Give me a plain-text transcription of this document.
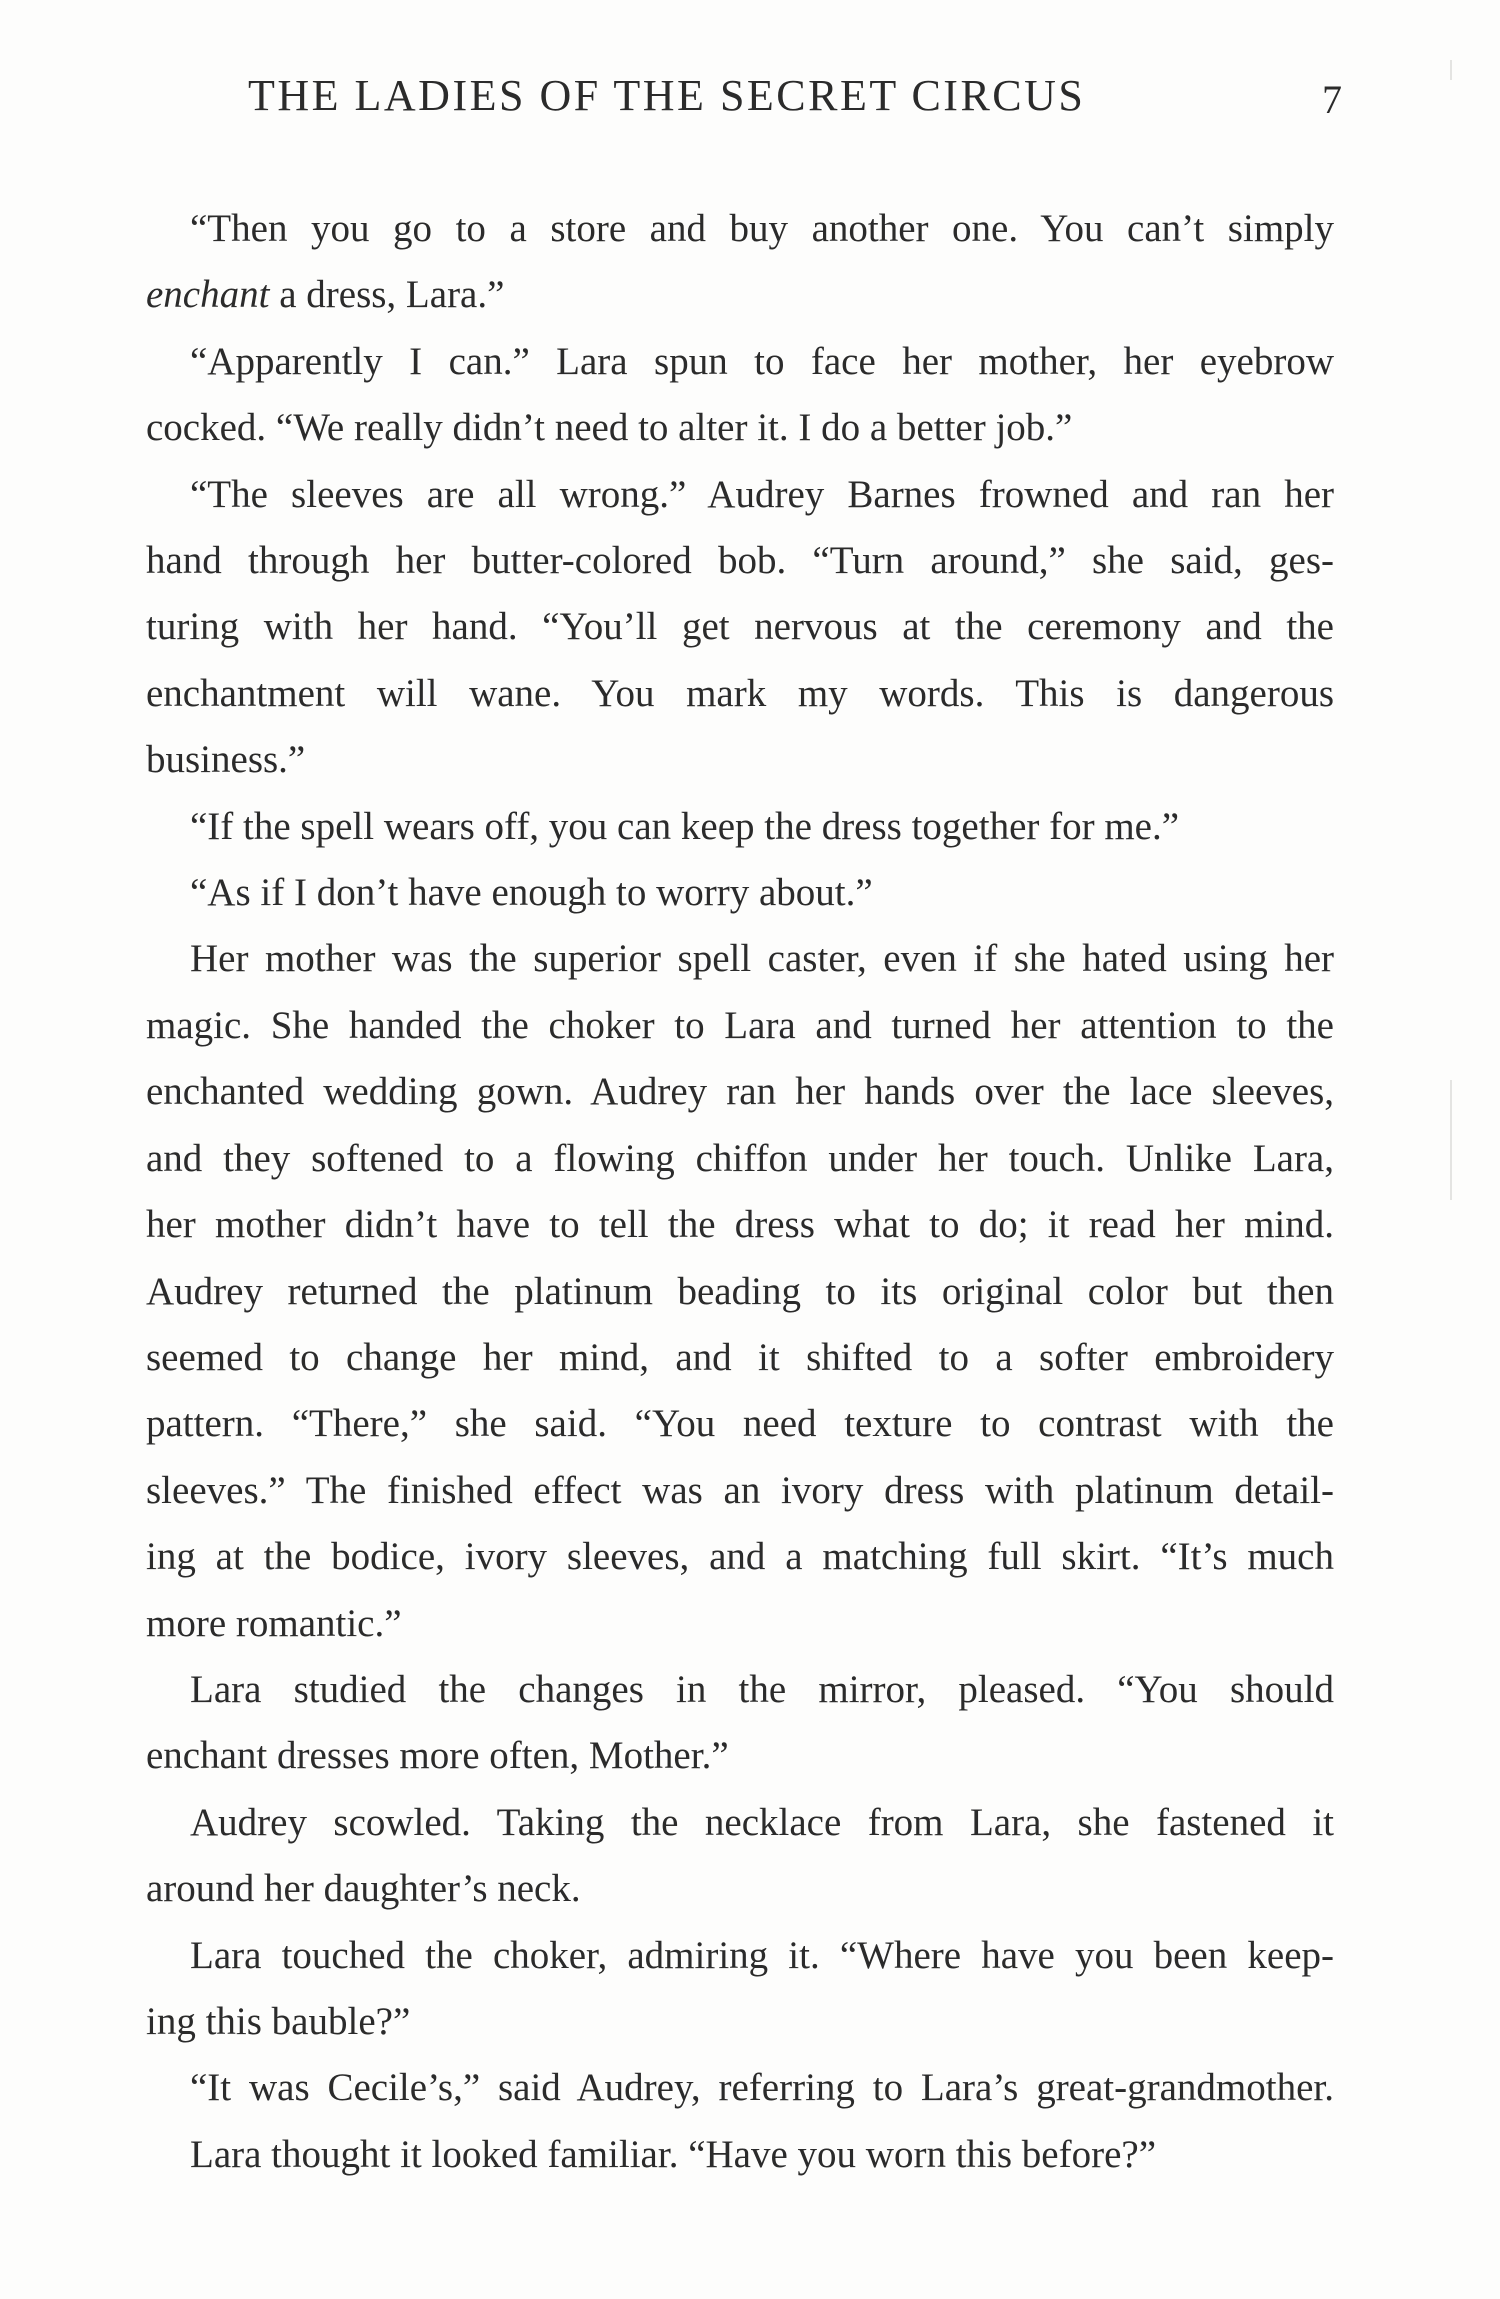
THE LADIES OF THE SECRET CIRCUS	7
“Then you go to a store and buy another one. You can’t simply
enchant a dress, Lara.”
“Apparently I can.” Lara spun to face her mother, her eyebrow
cocked. “We really didn’t need to alter it. I do a better job.”
“The sleeves are all wrong.” Audrey Barnes frowned and ran her
hand through her butter-colored bob. “Turn around,” she said, ges-
turing with her hand. “You’ll get nervous at the ceremony and the
enchantment will wane. You mark my words. This is dangerous
business.”
“If the spell wears off, you can keep the dress together for me.”
“As if I don’t have enough to worry about.”
Her mother was the superior spell caster, even if she hated using her
magic. She handed the choker to Lara and turned her attention to the
enchanted wedding gown. Audrey ran her hands over the lace sleeves,
and they softened to a flowing chiffon under her touch. Unlike Lara,
her mother didn’t have to tell the dress what to do; it read her mind.
Audrey returned the platinum beading to its original color but then
seemed to change her mind, and it shifted to a softer embroidery
pattern. “There,” she said. “You need texture to contrast with the
sleeves.” The finished effect was an ivory dress with platinum detail-
ing at the bodice, ivory sleeves, and a matching full skirt. “It’s much
more romantic.”
Lara studied the changes in the mirror, pleased. “You should
enchant dresses more often, Mother.”
Audrey scowled. Taking the necklace from Lara, she fastened it
around her daughter’s neck.
Lara touched the choker, admiring it. “Where have you been keep-
ing this bauble?”
“It was Cecile’s,” said Audrey, referring to Lara’s great-grandmother.
Lara thought it looked familiar. “Have you worn this before?”
